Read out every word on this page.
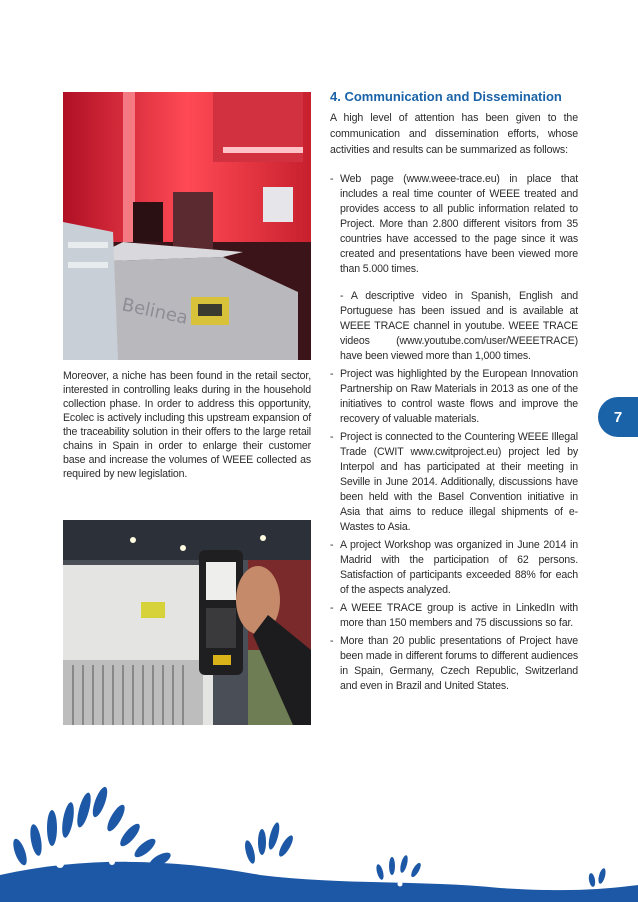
Belinea
Moreover, a niche has been found in the retail sector, interested in controlling leaks during in the household collection phase. In order to address this opportunity, Ecolec is actively including this upstream expansion of the traceability solution in their offers to the large retail chains in Spain in order to enlarge their customer base and increase the volumes of WEEE collected as required by new legislation.
4. Communication and Dissemination

A high level of attention has been given to the communication and dissemination efforts, whose activities and results can be summarized as follows:

- Web page (www.weee-trace.eu) in place that includes a real time counter of WEEE treated and provides access to all public information related to Project. More than 2.800 different visitors from 35 countries have accessed to the page since it was created and presentations have been viewed more than 5.000 times.
- A descriptive video in Spanish, English and Portuguese has been issued and is available at WEEE TRACE channel in youtube. WEEE TRACE videos (www.youtube.com/user/WEEETRACE) have been viewed more than 1,000 times.
- Project was highlighted by the European Innovation Partnership on Raw Materials in 2013 as one of the initiatives to control waste flows and improve the recovery of valuable materials.
- Project is connected to the Countering WEEE Illegal Trade (CWIT www.cwitproject.eu) project led by Interpol and has participated at their meeting in Seville in June 2014. Additionally, discussions have been held with the Basel Convention initiative in Asia that aims to reduce illegal shipments of e-Wastes to Asia.
- A project Workshop was organized in June 2014 in Madrid with the participation of 62 persons. Satisfaction of participants exceeded 88% for each of the aspects analyzed.
- A WEEE TRACE group is active in LinkedIn with more than 150 members and 75 discussions so far.
- More than 20 public presentations of Project have been made in different forums to different audiences in Spain, Germany, Czech Republic, Switzerland and even in Brazil and United States.
7
